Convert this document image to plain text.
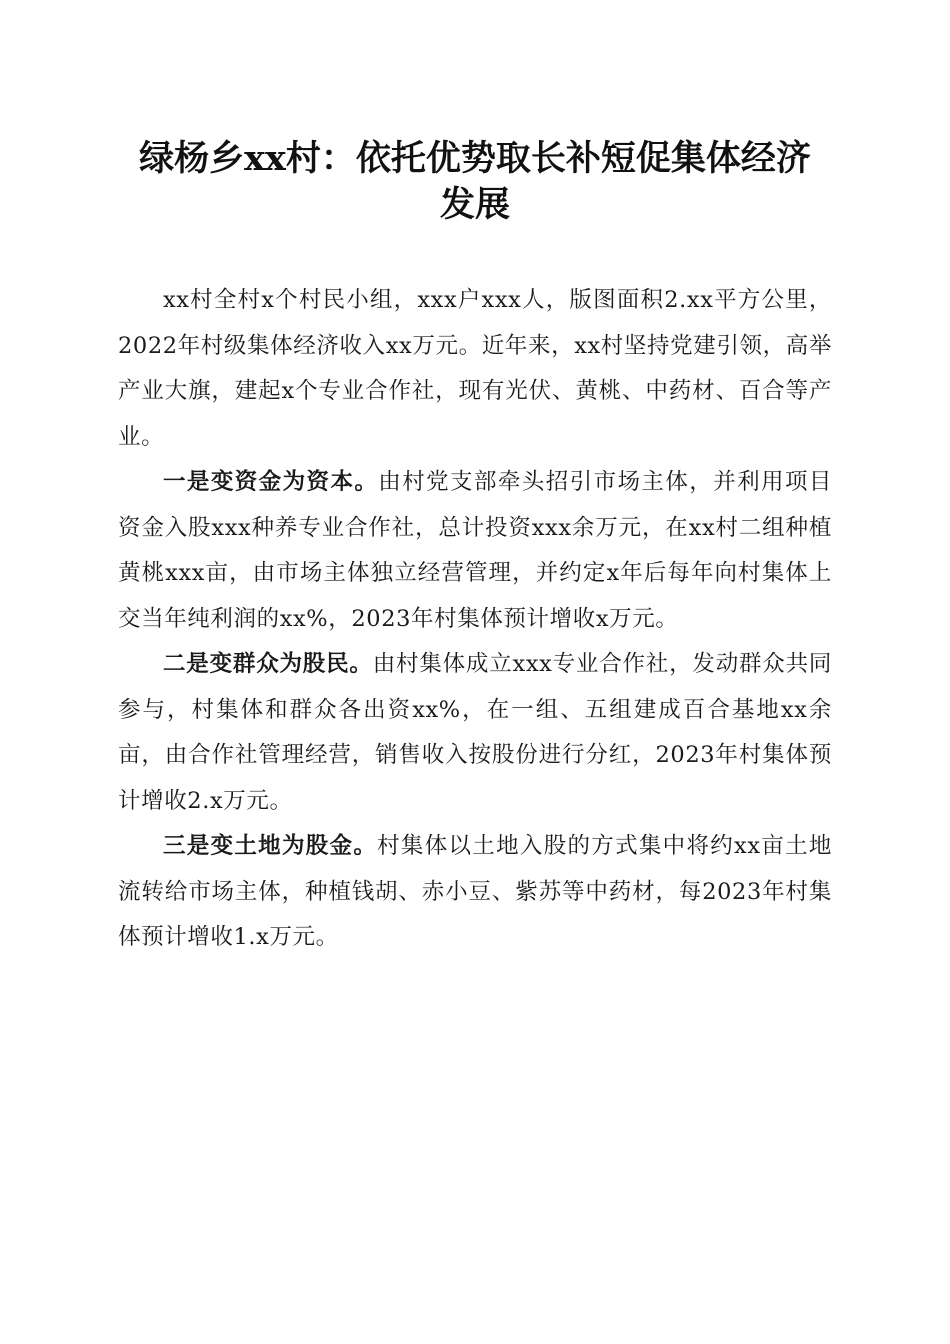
绿杨乡xx村：依托优势取长补短促集体经济
发展

xx村全村x个村民小组，xxx户xxx人，版图面积2.xx平方公里，2022年村级集体经济收入xx万元。近年来，xx村坚持党建引领，高举产业大旗，建起x个专业合作社，现有光伏、黄桃、中药材、百合等产业。

一是变资金为资本。由村党支部牵头招引市场主体，并利用项目资金入股xxx种养专业合作社，总计投资xxx余万元，在xx村二组种植黄桃xxx亩，由市场主体独立经营管理，并约定x年后每年向村集体上交当年纯利润的xx%，2023年村集体预计增收x万元。

二是变群众为股民。由村集体成立xxx专业合作社，发动群众共同参与，村集体和群众各出资xx%，在一组、五组建成百合基地xx余亩，由合作社管理经营，销售收入按股份进行分红，2023年村集体预计增收2.x万元。

三是变土地为股金。村集体以土地入股的方式集中将约xx亩土地流转给市场主体，种植钱胡、赤小豆、紫苏等中药材，每2023年村集体预计增收1.x万元。
